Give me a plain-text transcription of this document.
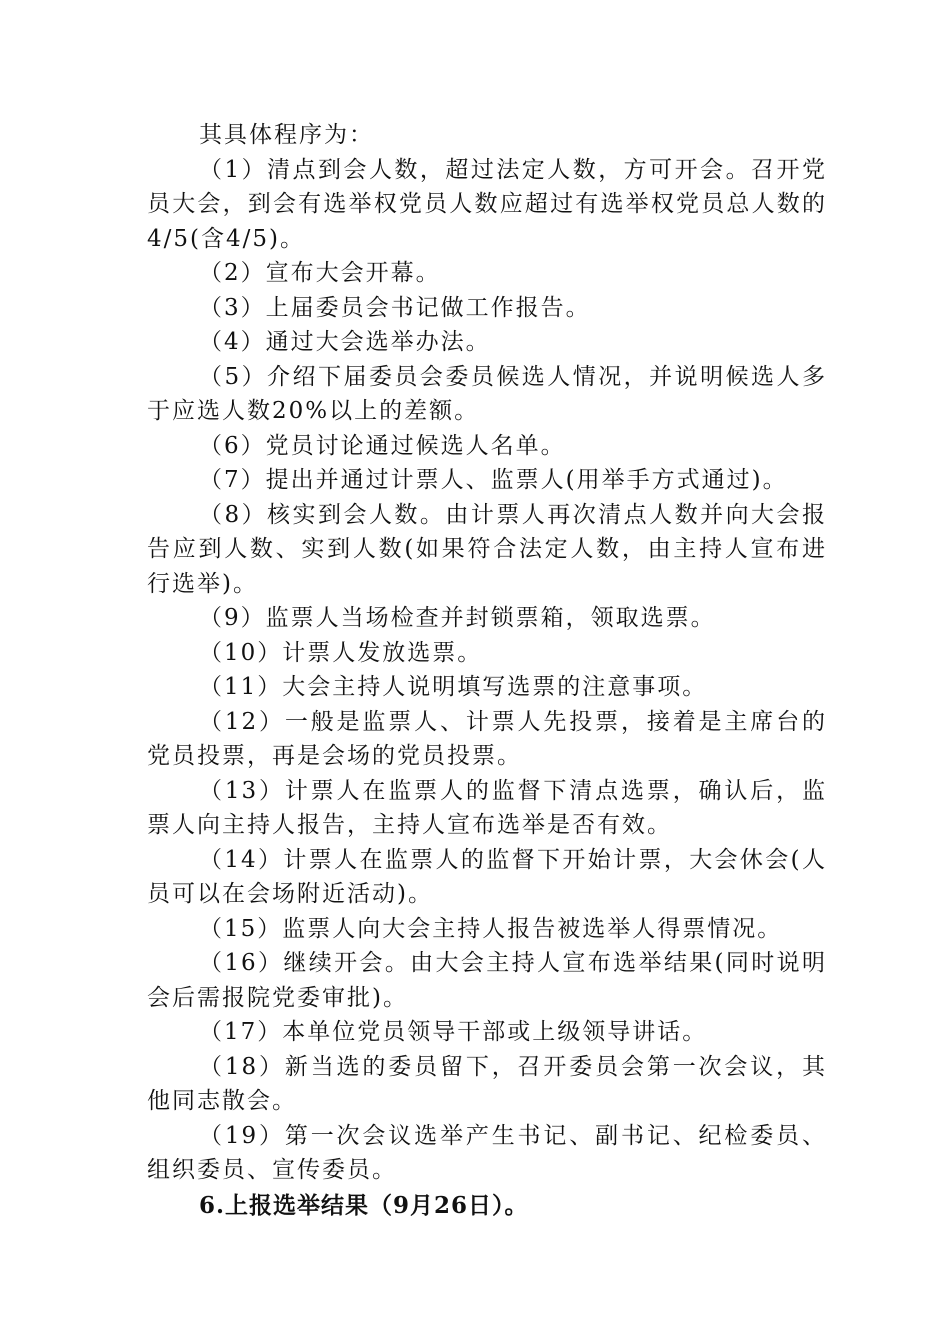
其具体程序为：

（1）清点到会人数，超过法定人数，方可开会。召开党员大会，到会有选举权党员人数应超过有选举权党员总人数的4/5(含4/5)。

（2）宣布大会开幕。

（3）上届委员会书记做工作报告。

（4）通过大会选举办法。

（5）介绍下届委员会委员候选人情况，并说明候选人多于应选人数20%以上的差额。

（6）党员讨论通过候选人名单。

（7）提出并通过计票人、监票人(用举手方式通过)。

（8）核实到会人数。由计票人再次清点人数并向大会报告应到人数、实到人数(如果符合法定人数，由主持人宣布进行选举)。

（9）监票人当场检查并封锁票箱，领取选票。

（10）计票人发放选票。

（11）大会主持人说明填写选票的注意事项。

（12）一般是监票人、计票人先投票，接着是主席台的党员投票，再是会场的党员投票。

（13）计票人在监票人的监督下清点选票，确认后，监票人向主持人报告，主持人宣布选举是否有效。

（14）计票人在监票人的监督下开始计票，大会休会(人员可以在会场附近活动)。

（15）监票人向大会主持人报告被选举人得票情况。

（16）继续开会。由大会主持人宣布选举结果(同时说明会后需报院党委审批)。

（17）本单位党员领导干部或上级领导讲话。

（18）新当选的委员留下，召开委员会第一次会议，其他同志散会。

（19）第一次会议选举产生书记、副书记、纪检委员、组织委员、宣传委员。

6.上报选举结果（9月26日）。
